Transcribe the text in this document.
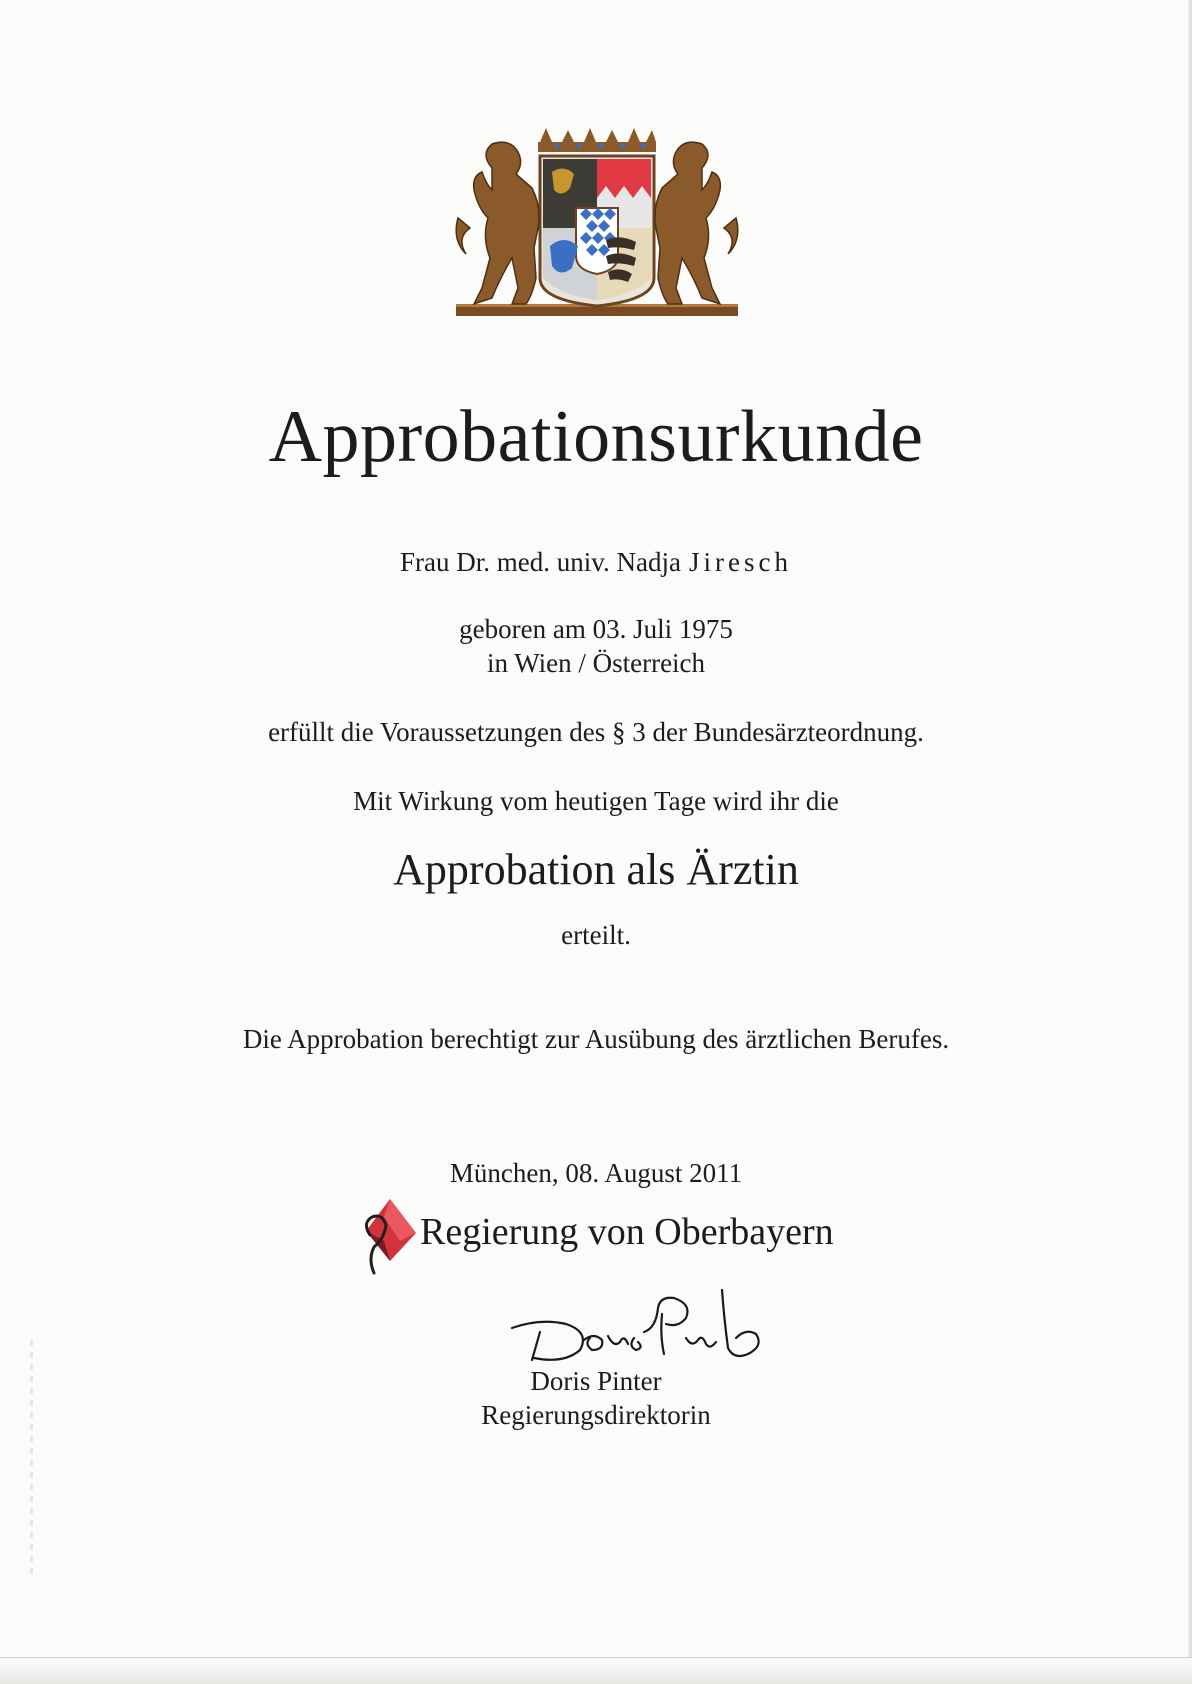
Approbationsurkunde

Frau Dr. med. univ. Nadja Jiresch

geboren am 03. Juli 1975

in Wien / Österreich

erfüllt die Voraussetzungen des § 3 der Bundesärzteordnung.

Mit Wirkung vom heutigen Tage wird ihr die

Approbation als Ärztin

erteilt.

Die Approbation berechtigt zur Ausübung des ärztlichen Berufes.

München, 08. August 2011

Regierung von Oberbayern

Doris Pinter

Regierungsdirektorin
